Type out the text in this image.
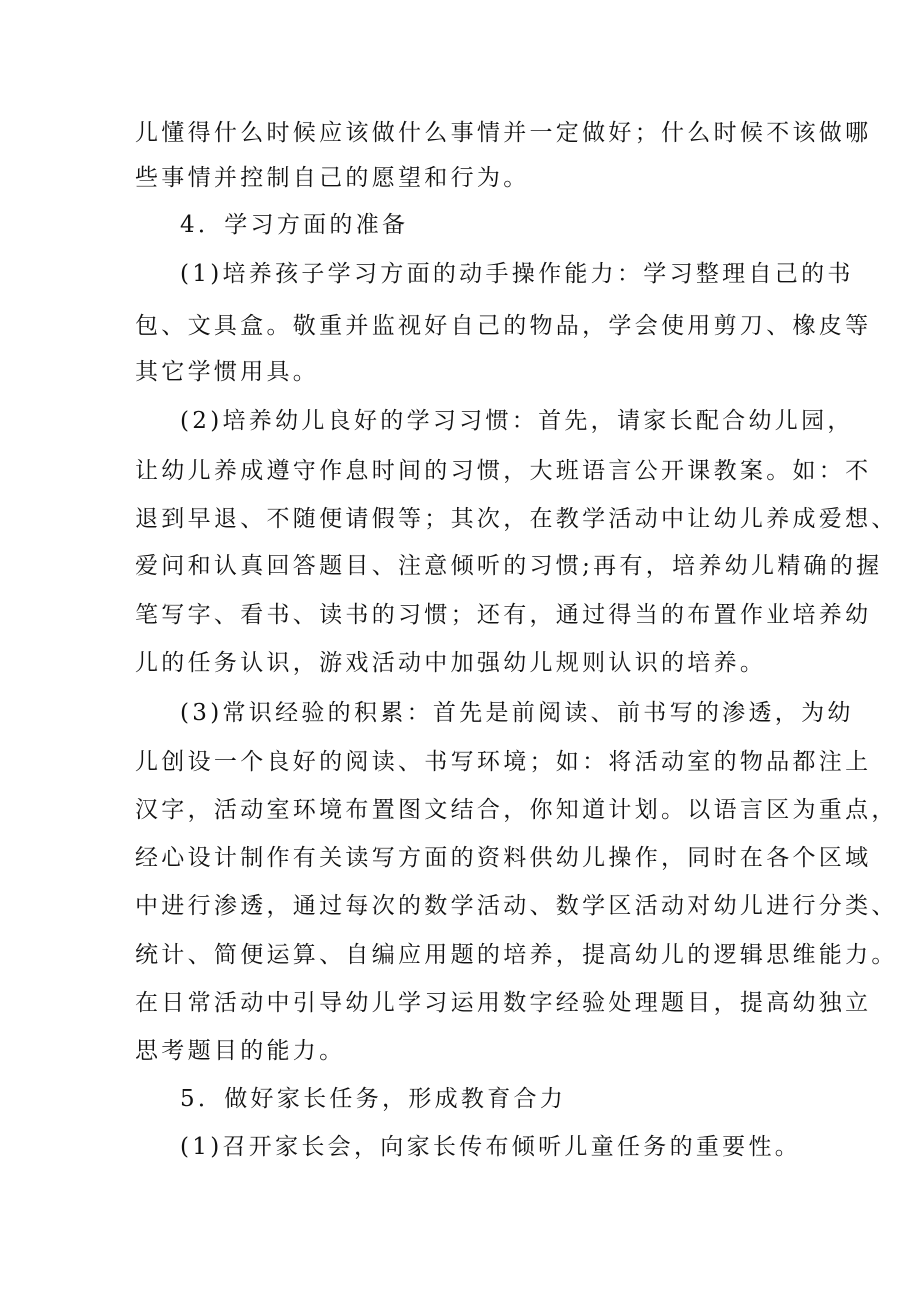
儿懂得什么时候应该做什么事情并一定做好；什么时候不该做哪
些事情并控制自己的愿望和行为。
4．学习方面的准备
(1)培养孩子学习方面的动手操作能力：学习整理自己的书
包、文具盒。敬重并监视好自己的物品，学会使用剪刀、橡皮等
其它学惯用具。
(2)培养幼儿良好的学习习惯：首先，请家长配合幼儿园，
让幼儿养成遵守作息时间的习惯，大班语言公开课教案。如：不
退到早退、不随便请假等；其次，在教学活动中让幼儿养成爱想、
爱问和认真回答题目、注意倾听的习惯;再有，培养幼儿精确的握
笔写字、看书、读书的习惯；还有，通过得当的布置作业培养幼
儿的任务认识，游戏活动中加强幼儿规则认识的培养。
(3)常识经验的积累：首先是前阅读、前书写的渗透，为幼
儿创设一个良好的阅读、书写环境；如：将活动室的物品都注上
汉字，活动室环境布置图文结合，你知道计划。以语言区为重点，
经心设计制作有关读写方面的资料供幼儿操作，同时在各个区域
中进行渗透，通过每次的数学活动、数学区活动对幼儿进行分类、
统计、简便运算、自编应用题的培养，提高幼儿的逻辑思维能力。
在日常活动中引导幼儿学习运用数字经验处理题目，提高幼独立
思考题目的能力。
5．做好家长任务，形成教育合力
(1)召开家长会，向家长传布倾听儿童任务的重要性。
